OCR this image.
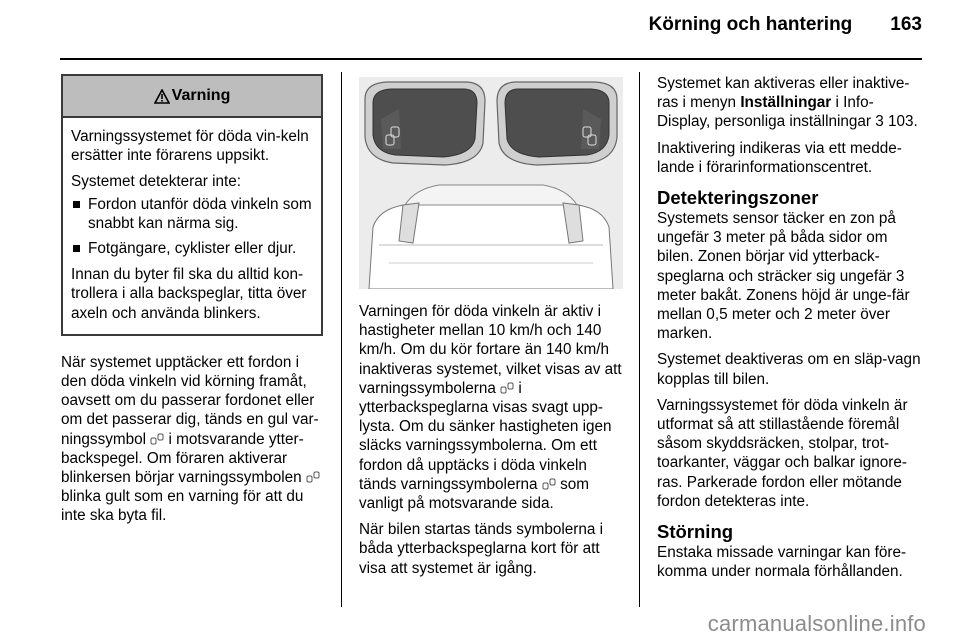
Körning och hantering 163
Varning

Varningssystemet för döda vin-keln ersätter inte förarens uppsikt.

Systemet detekterar inte:

Fordon utanför döda vinkeln som snabbt kan närma sig.
Fotgängare, cyklister eller djur.

Innan du byter fil ska du alltid kon-trollera i alla backspeglar, titta över axeln och använda blinkers.

När systemet upptäcker ett fordon i den döda vinkeln vid körning framåt, oavsett om du passerar fordonet eller om det passerar dig, tänds en gul var-ningssymbol i motsvarande ytter-backspegel. Om föraren aktiverar blinkersen börjar varningssymbolen  blinka gult som en varning för att du inte ska byta fil.

Varningen för döda vinkeln är aktiv i hastigheter mellan 10 km/h och 140 km/h. Om du kör fortare än 140 km/h inaktiveras systemet, vilket visas av att varningssymbolerna i ytterbackspeglarna visas svagt upp-lysta. Om du sänker hastigheten igen släcks varningssymbolerna. Om ett fordon då upptäcks i döda vinkeln tänds varningssymbolerna som vanligt på motsvarande sida.

När bilen startas tänds symbolerna i båda ytterbackspeglarna kort för att visa att systemet är igång.

Systemet kan aktiveras eller inaktive-ras i menyn Inställningar i Info-Display, personliga inställningar 3 103.

Inaktivering indikeras via ett medde-lande i förarinformationscentret.

Detekteringszoner

Systemets sensor täcker en zon på ungefär 3 meter på båda sidor om bilen. Zonen börjar vid ytterback-speglarna och sträcker sig ungefär 3 meter bakåt. Zonens höjd är unge-fär mellan 0,5 meter och 2 meter över marken.

Systemet deaktiveras om en släp-vagn kopplas till bilen.

Varningssystemet för döda vinkeln är utformat så att stillastående föremål såsom skyddsräcken, stolpar, trot-toarkanter, väggar och balkar ignore-ras. Parkerade fordon eller mötande fordon detekteras inte.

Störning

Enstaka missade varningar kan före-komma under normala förhållanden.

carmanualsonline.info
